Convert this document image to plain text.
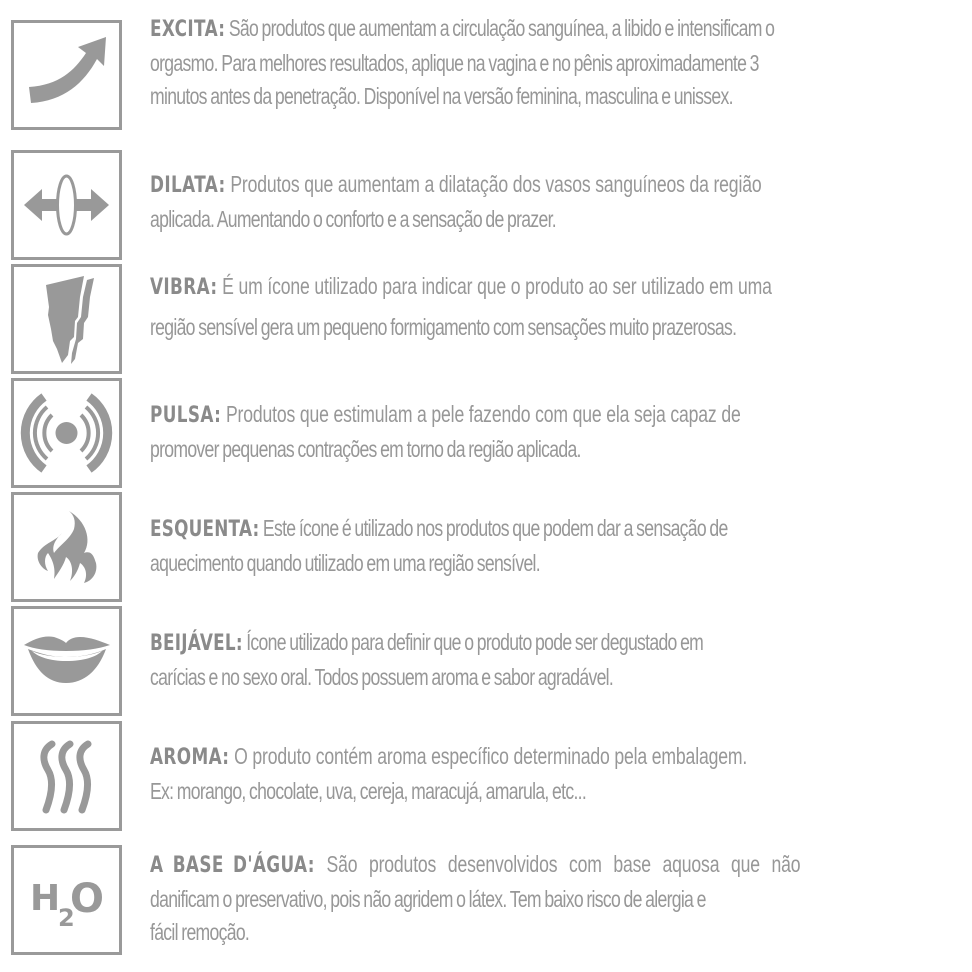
EXCITA: São produtos que aumentam a circulação sanguínea, a libido e intensificam o
orgasmo. Para melhores resultados, aplique na vagina e no pênis aproximadamente 3
minutos antes da penetração. Disponível na versão feminina, masculina e unissex.
DILATA: Produtos que aumentam a dilatação dos vasos sanguíneos da região
aplicada. Aumentando o conforto e a sensação de prazer.
VIBRA: É um ícone utilizado para indicar que o produto ao ser utilizado em uma
região sensível gera um pequeno formigamento com sensações muito prazerosas.
PULSA: Produtos que estimulam a pele fazendo com que ela seja capaz de
promover pequenas contrações em torno da região aplicada.
ESQUENTA: Este ícone é utilizado nos produtos que podem dar a sensação de
aquecimento quando utilizado em uma região sensível.
BEIJÁVEL: Ícone utilizado para definir que o produto pode ser degustado em
carícias e no sexo oral. Todos possuem aroma e sabor agradável.
AROMA: O produto contém aroma específico determinado pela embalagem.
Ex: morango, chocolate, uva, cereja, maracujá, amarula, etc...
H
2
O
A BASE D'ÁGUA: São produtos desenvolvidos com base aquosa que não
danificam o preservativo, pois não agridem o látex. Tem baixo risco de alergia e
fácil remoção.
